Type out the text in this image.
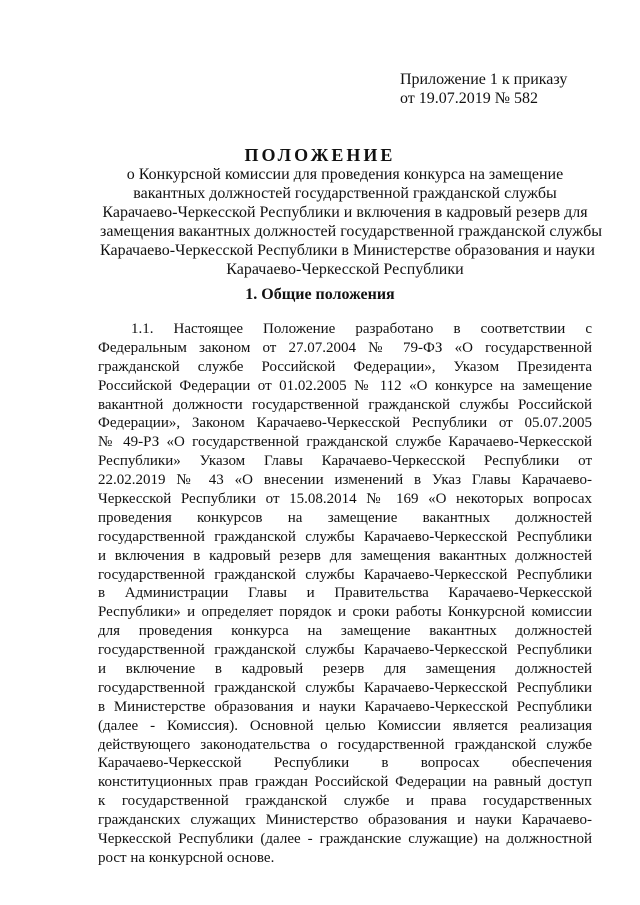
Приложение 1 к приказу
от 19.07.2019 № 582
ПОЛОЖЕНИЕ
о Конкурсной комиссии для проведения конкурса на замещение
вакантных должностей государственной гражданской службы
Карачаево-Черкесской Республики и включения в кадровый резерв для
замещения вакантных должностей государственной гражданской службы
Карачаево-Черкесской Республики в Министерстве образования и науки
Карачаево-Черкесской Республики
1. Общие положения
1.1. Настоящее Положение разработано в соответствии с
Федеральным законом от 27.07.2004 № 79-ФЗ «О государственной
гражданской службе Российской Федерации», Указом Президента
Российской Федерации от 01.02.2005 № 112 «О конкурсе на замещение
вакантной должности государственной гражданской службы Российской
Федерации», Законом Карачаево-Черкесской Республики от 05.07.2005
№ 49-РЗ «О государственной гражданской службе Карачаево-Черкесской
Республики» Указом Главы Карачаево-Черкесской Республики от
22.02.2019 № 43 «О внесении изменений в Указ Главы Карачаево-
Черкесской Республики от 15.08.2014 № 169 «О некоторых вопросах
проведения конкурсов на замещение вакантных должностей
государственной гражданской службы Карачаево-Черкесской Республики
и включения в кадровый резерв для замещения вакантных должностей
государственной гражданской службы Карачаево-Черкесской Республики
в Администрации Главы и Правительства Карачаево-Черкесской
Республики» и определяет порядок и сроки работы Конкурсной комиссии
для проведения конкурса на замещение вакантных должностей
государственной гражданской службы Карачаево-Черкесской Республики
и включение в кадровый резерв для замещения должностей
государственной гражданской службы Карачаево-Черкесской Республики
в Министерстве образования и науки Карачаево-Черкесской Республики
(далее - Комиссия). Основной целью Комиссии является реализация
действующего законодательства о государственной гражданской службе
Карачаево-Черкесской Республики в вопросах обеспечения
конституционных прав граждан Российской Федерации на равный доступ
к государственной гражданской службе и права государственных
гражданских служащих Министерство образования и науки Карачаево-
Черкесской Республики (далее - гражданские служащие) на должностной
рост на конкурсной основе.
